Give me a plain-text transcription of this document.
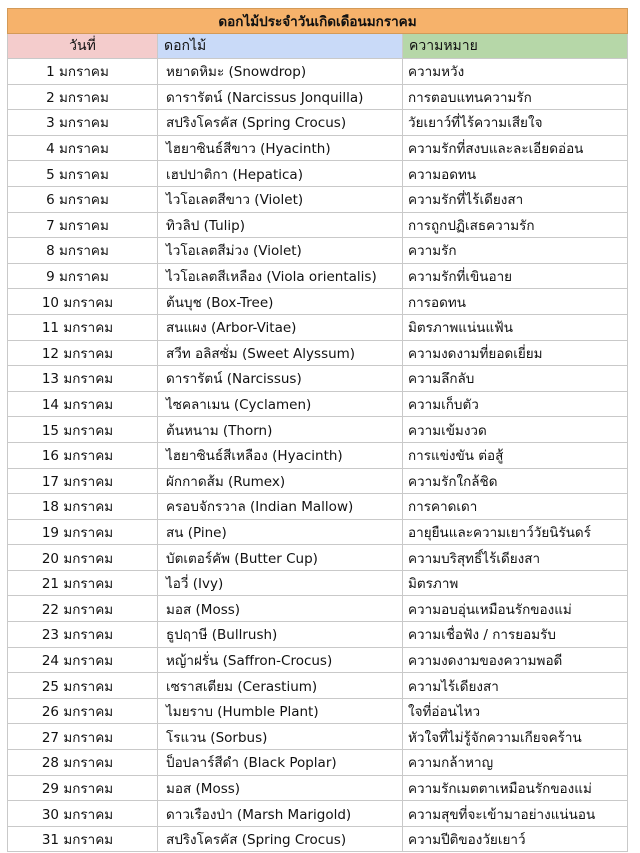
ดอกไม้ประจำวันเกิดเดือนมกราคม		
วันที่	ดอกไม้	ความหมาย
1 มกราคม	หยาดหิมะ (Snowdrop)	ความหวัง
2 มกราคม	ดารารัตน์ (Narcissus Jonquilla)	การตอบแทนความรัก
3 มกราคม	สปริงโครคัส (Spring Crocus)	วัยเยาว์ที่ไร้ความเสียใจ
4 มกราคม	ไฮยาซินธ์สีขาว (Hyacinth)	ความรักที่สงบและละเอียดอ่อน
5 มกราคม	เฮปปาติกา (Hepatica)	ความอดทน
6 มกราคม	ไวโอเลตสีขาว (Violet)	ความรักที่ไร้เดียงสา
7 มกราคม	ทิวลิป (Tulip)	การถูกปฏิเสธความรัก
8 มกราคม	ไวโอเลตสีม่วง (Violet)	ความรัก
9 มกราคม	ไวโอเลตสีเหลือง (Viola orientalis)	ความรักที่เขินอาย
10 มกราคม	ต้นบุช (Box-Tree)	การอดทน
11 มกราคม	สนแผง (Arbor-Vitae)	มิตรภาพแน่นแฟ้น
12 มกราคม	สวีท อลิสซั่ม (Sweet Alyssum)	ความงดงามที่ยอดเยี่ยม
13 มกราคม	ดารารัตน์ (Narcissus)	ความลึกลับ
14 มกราคม	ไซคลาเมน (Cyclamen)	ความเก็บตัว
15 มกราคม	ต้นหนาม (Thorn)	ความเข้มงวด
16 มกราคม	ไฮยาซินธ์สีเหลือง (Hyacinth)	การแข่งขัน ต่อสู้
17 มกราคม	ผักกาดส้ม (Rumex)	ความรักใกล้ชิด
18 มกราคม	ครอบจักรวาล (Indian Mallow)	การคาดเดา
19 มกราคม	สน (Pine)	อายุยืนและความเยาว์วัยนิรันดร์
20 มกราคม	บัตเตอร์คัพ (Butter Cup)	ความบริสุทธิ์ไร้เดียงสา
21 มกราคม	ไอวี่ (Ivy)	มิตรภาพ
22 มกราคม	มอส (Moss)	ความอบอุ่นเหมือนรักของแม่
23 มกราคม	ธูปฤาษี (Bullrush)	ความเชื่อฟัง / การยอมรับ
24 มกราคม	หญ้าฝรั่น (Saffron-Crocus)	ความงดงามของความพอดี
25 มกราคม	เซราสเตียม (Cerastium)	ความไร้เดียงสา
26 มกราคม	ไมยราบ (Humble Plant)	ใจที่อ่อนไหว
27 มกราคม	โรแวน (Sorbus)	หัวใจที่ไม่รู้จักความเกียจคร้าน
28 มกราคม	ป็อปลาร์สีดำ (Black Poplar)	ความกล้าหาญ
29 มกราคม	มอส (Moss)	ความรักเมตตาเหมือนรักของแม่
30 มกราคม	ดาวเรืองป่า (Marsh Marigold)	ความสุขที่จะเข้ามาอย่างแน่นอน
31 มกราคม	สปริงโครคัส (Spring Crocus)	ความปีติของวัยเยาว์
